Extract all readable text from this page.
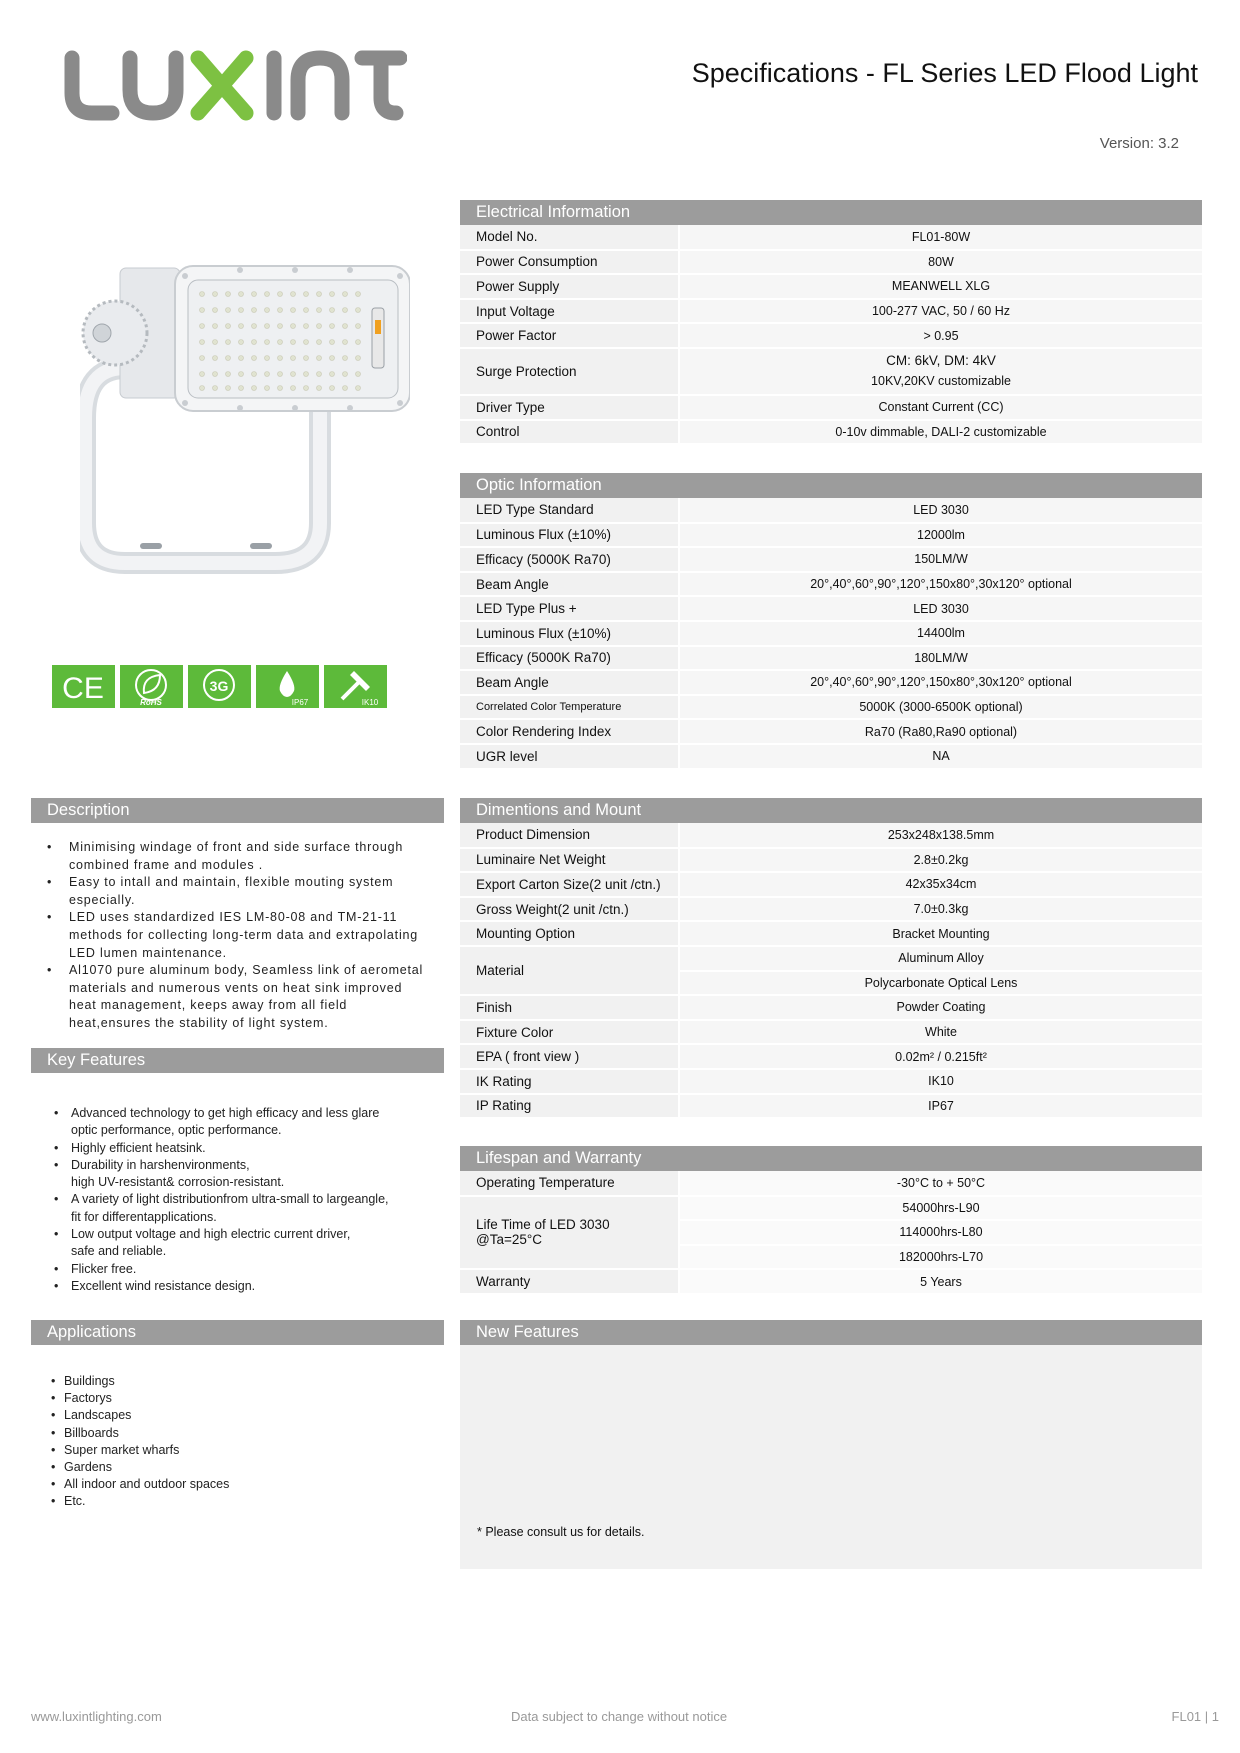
Specifications - FL Series LED Flood Light
Version: 3.2
CE	RoHS
3G
IP67	IK10
Electrical Information
Model No.	FL01-80W
Power Consumption	80W
Power Supply	MEANWELL XLG
Input Voltage	100-277 VAC, 50 / 60 Hz
Power Factor	> 0.95
Surge Protection	CM: 6kV, DM: 4kV
10KV,20KV customizable

Driver Type	Constant Current (CC)
Control	0-10v dimmable, DALI-2 customizable
Optic Information
LED Type Standard	LED 3030
Luminous Flux (±10%)	12000lm
Efficacy (5000K Ra70)	150LM/W
Beam Angle	20°,40°,60°,90°,120°,150x80°,30x120° optional
LED Type Plus +	LED 3030
Luminous Flux (±10%)	14400lm
Efficacy (5000K Ra70)	180LM/W
Beam Angle	20°,40°,60°,90°,120°,150x80°,30x120° optional
Correlated Color Temperature	5000K (3000-6500K optional)
Color Rendering Index	Ra70 (Ra80,Ra90 optional)
UGR level	NA
Dimentions and Mount
Product Dimension	253x248x138.5mm
Luminaire Net Weight	2.8±0.2kg
Export Carton Size(2 unit /ctn.)	42x35x34cm
Gross Weight(2 unit /ctn.)	7.0±0.3kg
Mounting Option	Bracket Mounting
Material	Aluminum Alloy
	Polycarbonate Optical Lens
Finish	Powder Coating
Fixture Color	White
EPA ( front view )	0.02m² / 0.215ft²
IK Rating	IK10
IP Rating	IP67
Lifespan and Warranty
Operating Temperature	-30°C to + 50°C

Life Time of LED 3030
@Ta=25°C	54000hrs-L90
	114000hrs-L80
	182000hrs-L70
Warranty	5 Years
New Features
* Please consult us for details.
Description
• Minimising windage of front and side surface through
combined frame and modules .
• Easy to intall and maintain, flexible mouting system
especially.
• LED uses standardized IES LM-80-08 and TM-21-11
methods for collecting long-term data and extrapolating
LED lumen maintenance.
• Al1070 pure aluminum body, Seamless link of aerometal
materials and numerous vents on heat sink improved
heat management, keeps away from all field
heat,ensures the stability of light system.
Key Features
• Advanced technology to get high efficacy and less glare
optic performance, optic performance.
• Highly efficient heatsink.
• Durability in harshenvironments,
high UV-resistant& corrosion-resistant.
• A variety of light distributionfrom ultra-small to largeangle,
fit for differentapplications.
• Low output voltage and high electric current driver,
safe and reliable.
• Flicker free.
• Excellent wind resistance design.
Applications
• Buildings
• Factorys
• Landscapes
• Billboards
• Super market wharfs
• Gardens
• All indoor and outdoor spaces
• Etc.
www.luxintlighting.com	Data subject to change without notice	FL01 | 1
